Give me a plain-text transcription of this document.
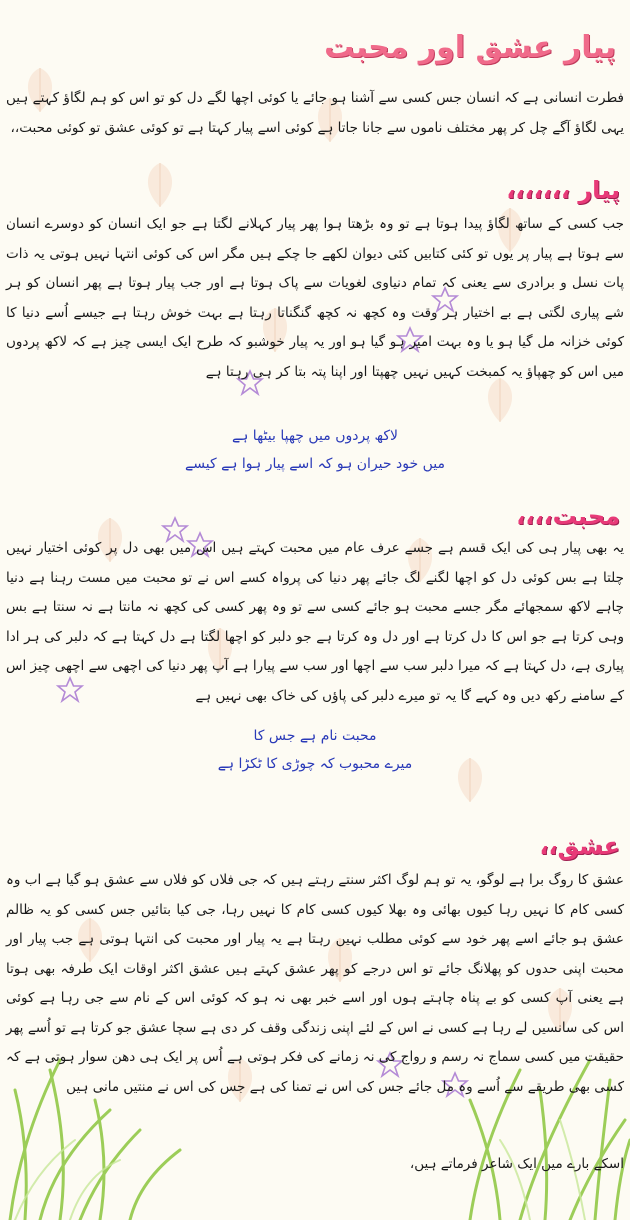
پیار عشق اور محبت
فطرت انسانی ہے کہ انسان جس کسی سے آشنا ہو جائے یا کوئی اچھا لگے دل کو تو اس کو ہم لگاؤ کہتے ہیں یہی لگاؤ آگے چل کر پھر مختلف ناموں سے جانا جاتا ہے کوئی اسے پیار کہتا ہے تو کوئی عشق تو کوئی محبت،،
پیار ،،،،،،،
جب کسی کے ساتھ لگاؤ پیدا ہوتا ہے تو وہ بڑھتا ہوا پھر پیار کہلانے لگتا ہے جو ایک انسان کو دوسرے انسان سے ہوتا ہے پیار پر یوں تو کئی کتابیں کئی دیوان لکھے جا چکے ہیں مگر اس کی کوئی انتہا نہیں ہوتی یہ ذات پات نسل و برادری سے یعنی کہ تمام دنیاوی لغویات سے پاک ہوتا ہے اور جب پیار ہوتا ہے پھر انسان کو ہر شے پیاری لگتی ہے بے اختیار ہر وقت وہ کچھ نہ کچھ گنگناتا رہتا ہے بہت خوش رہتا ہے جیسے اُسے دنیا کا کوئی خزانہ مل گیا ہو یا وہ بہت امیر ہو گیا ہو اور یہ پیار خوشبو کہ طرح ایک ایسی چیز ہے کہ لاکھ پردوں میں اس کو چھپاؤ یہ کمبخت کہیں نہیں چھپتا اور اپنا پتہ بتا کر ہی رہتا ہے
لاکھ پردوں میں چھپا بیٹھا ہے
میں خود حیران ہو کہ اسے پیار ہوا ہے کیسے
محبت،،،،
یہ بھی پیار ہی کی ایک قسم ہے جسے عرف عام میں محبت کہتے ہیں اس میں بھی دل پر کوئی اختیار نہیں چلتا ہے بس کوئی دل کو اچھا لگنے لگ جائے پھر دنیا کی پرواہ کسے اس نے تو محبت میں مست رہنا ہے دنیا چاہے لاکھ سمجھائے مگر جسے محبت ہو جائے کسی سے تو وہ پھر کسی کی کچھ نہ مانتا ہے نہ سنتا ہے بس وہی کرتا ہے جو اس کا دل کرتا ہے اور دل وہ کرتا ہے جو دلبر کو اچھا لگتا ہے دل کہتا ہے کہ دلبر کی ہر ادا پیاری ہے، دل کہتا ہے کہ میرا دلبر سب سے اچھا اور سب سے پیارا ہے آپ پھر دنیا کی اچھی سے اچھی چیز اس کے سامنے رکھ دیں وہ کہے گا یہ تو میرے دلبر کی پاؤں کی خاک بھی نہیں ہے
محبت نام ہے جس کا
میرے محبوب کہ چوڑی کا ٹکڑا ہے
عشق،،
عشق کا روگ برا ہے لوگو، یہ تو ہم لوگ اکثر سنتے رہتے ہیں کہ جی فلاں کو فلاں سے عشق ہو گیا ہے اب وہ کسی کام کا نہیں رہا کیوں بھائی وہ بھلا کیوں کسی کام کا نہیں رہا، جی کیا بتائیں جس کسی کو یہ ظالم عشق ہو جائے اسے پھر خود سے کوئی مطلب نہیں رہتا ہے یہ پیار اور محبت کی انتہا ہوتی ہے جب پیار اور محبت اپنی حدوں کو پھلانگ جائے تو اس درجے کو پھر عشق کہتے ہیں عشق اکثر اوقات ایک طرفہ بھی ہوتا ہے یعنی آپ کسی کو بے پناہ چاہتے ہوں اور اسے خبر بھی نہ ہو کہ کوئی اس کے نام سے جی رہا ہے کوئی اس کی سانسیں لے رہا ہے کسی نے اس کے لئے اپنی زندگی وقف کر دی ہے سچا عشق جو کرتا ہے تو اُسے پھر حقیقت میں کسی سماج نہ رسم و رواج کی نہ زمانے کی فکر ہوتی ہے اُس پر ایک ہی دھن سوار ہوتی ہے کہ کسی بھی طریقے سے اُسے وہ مل جائے جس کی اس نے تمنا کی ہے جس کی اس نے منتیں مانی ہیں
اسکے بارے میں ایک شاعر فرماتے ہیں،
